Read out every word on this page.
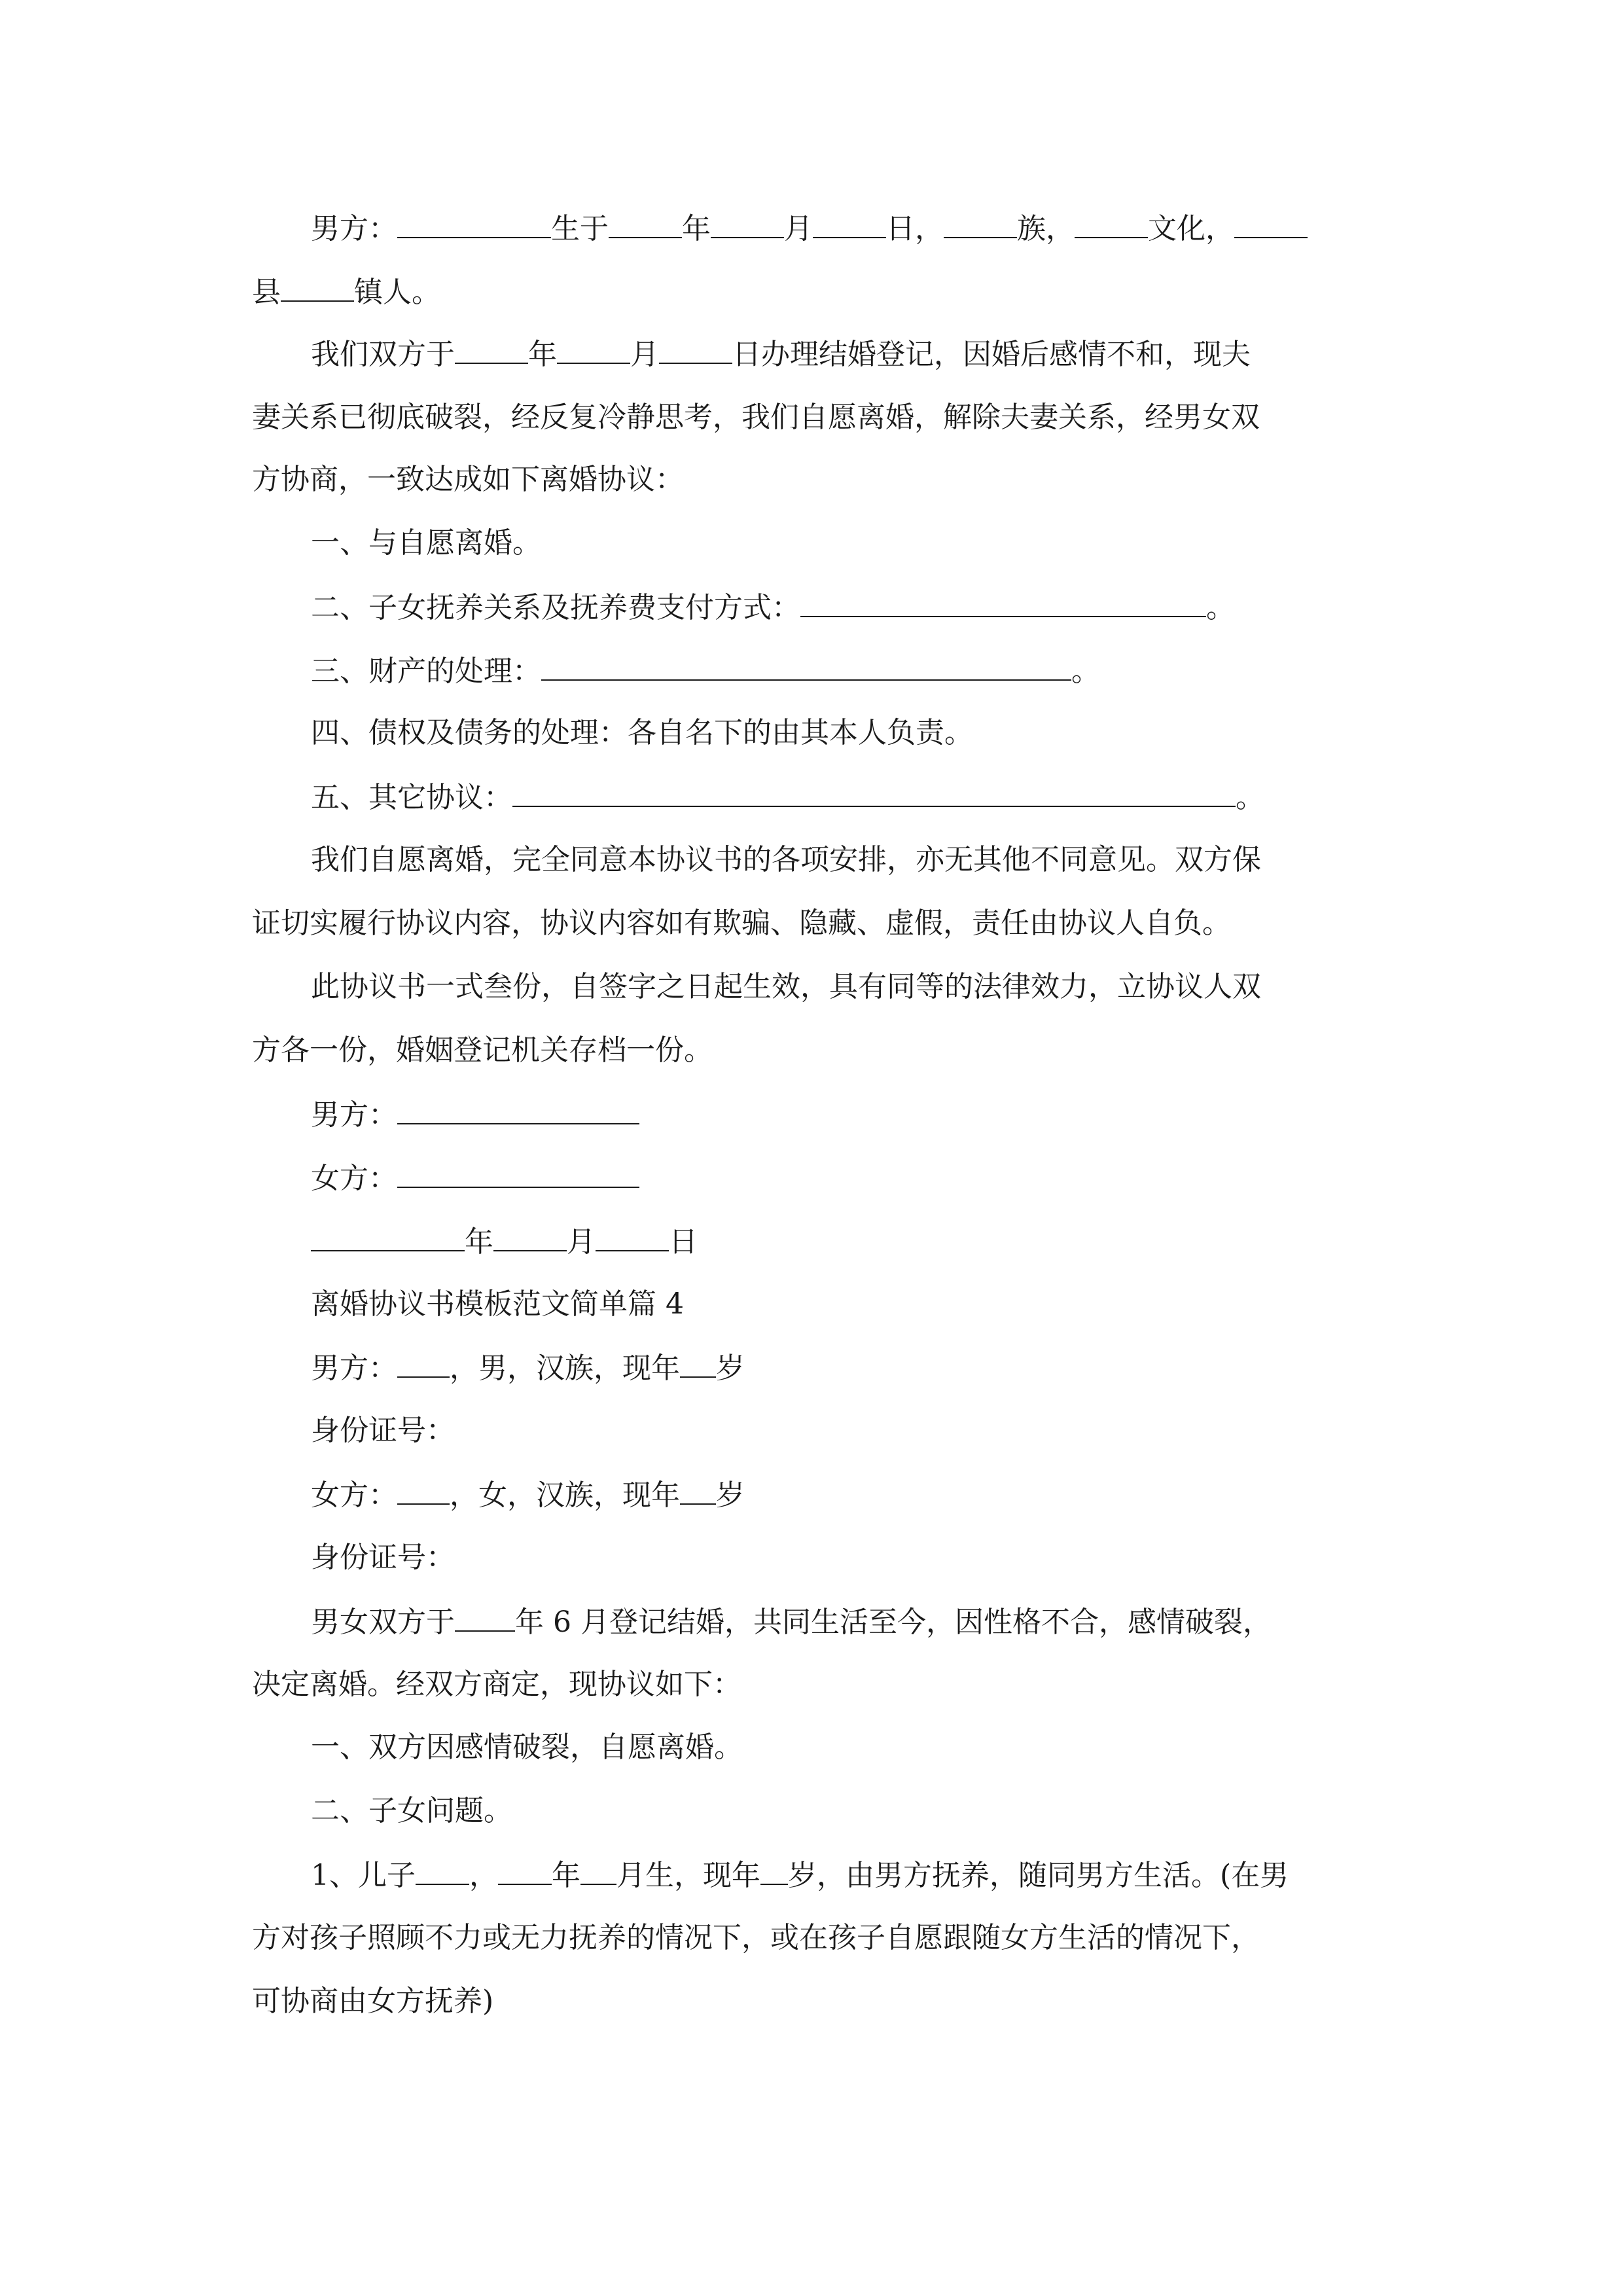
男方：	生于	年	月	日，	族，	文化，
县	镇人。
我们双方于	年	月	日办理结婚登记，因婚后感情不和，现夫
妻关系已彻底破裂，经反复冷静思考，我们自愿离婚，解除夫妻关系，经男女双
方协商，一致达成如下离婚协议：
一、与自愿离婚。
二、子女抚养关系及抚养费支付方式：	。
三、财产的处理：	。
四、债权及债务的处理：各自名下的由其本人负责。
五、其它协议：	。
我们自愿离婚，完全同意本协议书的各项安排，亦无其他不同意见。双方保
证切实履行协议内容，协议内容如有欺骗、隐藏、虚假，责任由协议人自负。
此协议书一式叁份，自签字之日起生效，具有同等的法律效力，立协议人双
方各一份，婚姻登记机关存档一份。
男方：
女方：
年	月	日
离婚协议书模板范文简单篇 4
男方： ，男，汉族，现年 岁
身份证号：
女方： ，女，汉族，现年 岁
身份证号：
男女双方于 年 6 月登记结婚，共同生活至今，因性格不合，感情破裂，
决定离婚。经双方商定，现协议如下：
一、双方因感情破裂，自愿离婚。
二、子女问题。
1、儿子 ， 年 月生，现年 岁，由男方抚养，随同男方生活。(在男
方对孩子照顾不力或无力抚养的情况下，或在孩子自愿跟随女方生活的情况下，
可协商由女方抚养)
